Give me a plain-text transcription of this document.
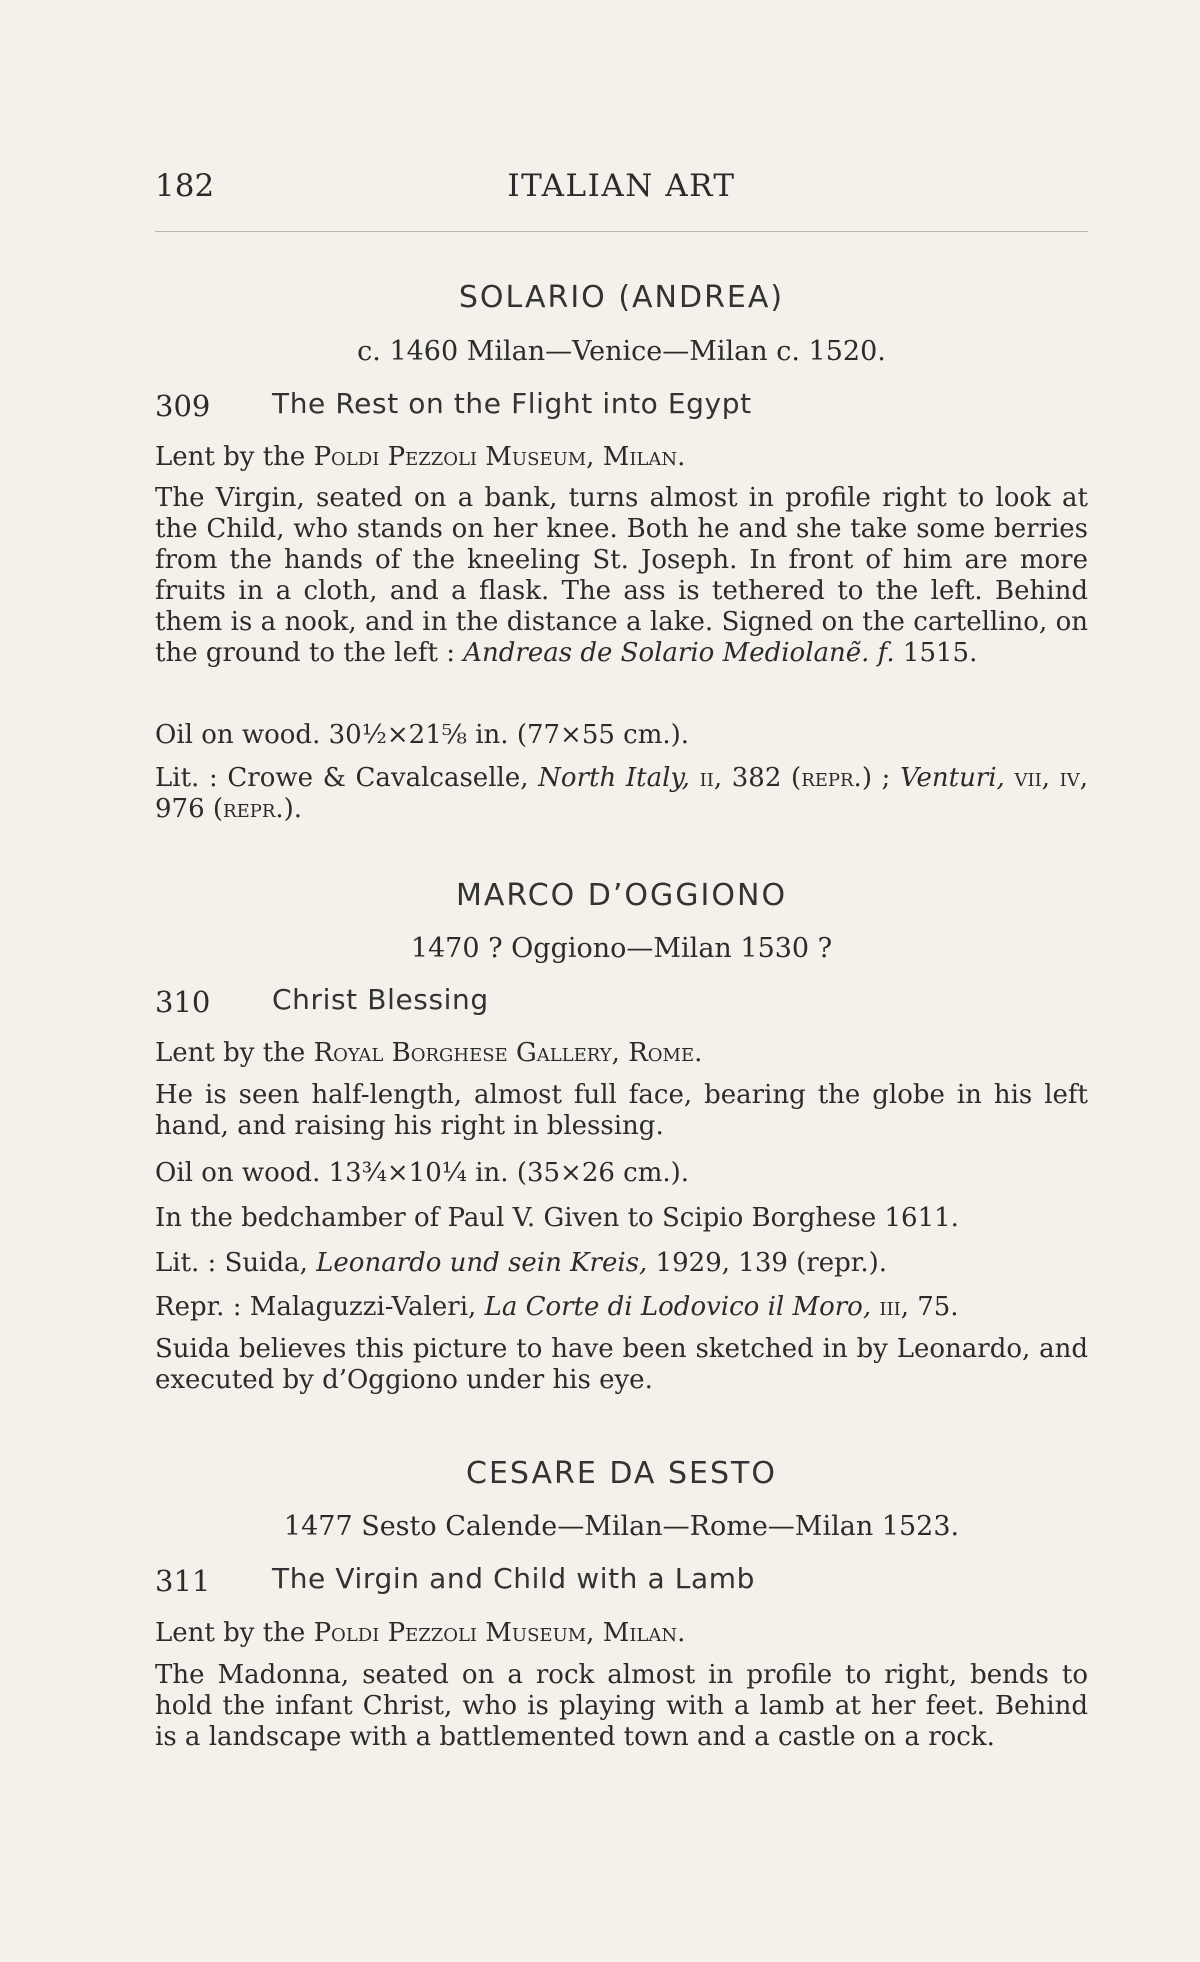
182	ITALIAN ART
SOLARIO (ANDREA)
c. 1460 Milan—Venice—Milan c. 1520.
309 The Rest on the Flight into Egypt
Lent by the Poldi Pezzoli Museum, Milan.
The Virgin, seated on a bank, turns almost in profile right to look at the Child, who stands on her knee. Both he and she take some berries from the hands of the kneeling St. Joseph. In front of him are more fruits in a cloth, and a flask. The ass is tethered to the left. Behind them is a nook, and in the distance a lake. Signed on the cartellino, on the ground to the left : Andreas de Solario Mediolanẽ. f. 1515.
Oil on wood. 30½×21⅝ in. (77×55 cm.).
Lit. : Crowe & Cavalcaselle, North Italy, ii, 382 (repr.) ; Venturi, vii, iv, 976 (repr.).
MARCO D’OGGIONO
1470 ? Oggiono—Milan 1530 ?
310 Christ Blessing
Lent by the Royal Borghese Gallery, Rome.
He is seen half-length, almost full face, bearing the globe in his left hand, and raising his right in blessing.
Oil on wood. 13¾×10¼ in. (35×26 cm.).
In the bedchamber of Paul V. Given to Scipio Borghese 1611.
Lit. : Suida, Leonardo und sein Kreis, 1929, 139 (repr.).
Repr. : Malaguzzi-Valeri, La Corte di Lodovico il Moro, iii, 75.
Suida believes this picture to have been sketched in by Leonardo, and executed by d’Oggiono under his eye.
CESARE DA SESTO
1477 Sesto Calende—Milan—Rome—Milan 1523.
311 The Virgin and Child with a Lamb
Lent by the Poldi Pezzoli Museum, Milan.
The Madonna, seated on a rock almost in profile to right, bends to hold the infant Christ, who is playing with a lamb at her feet. Behind is a landscape with a battlemented town and a castle on a rock.
